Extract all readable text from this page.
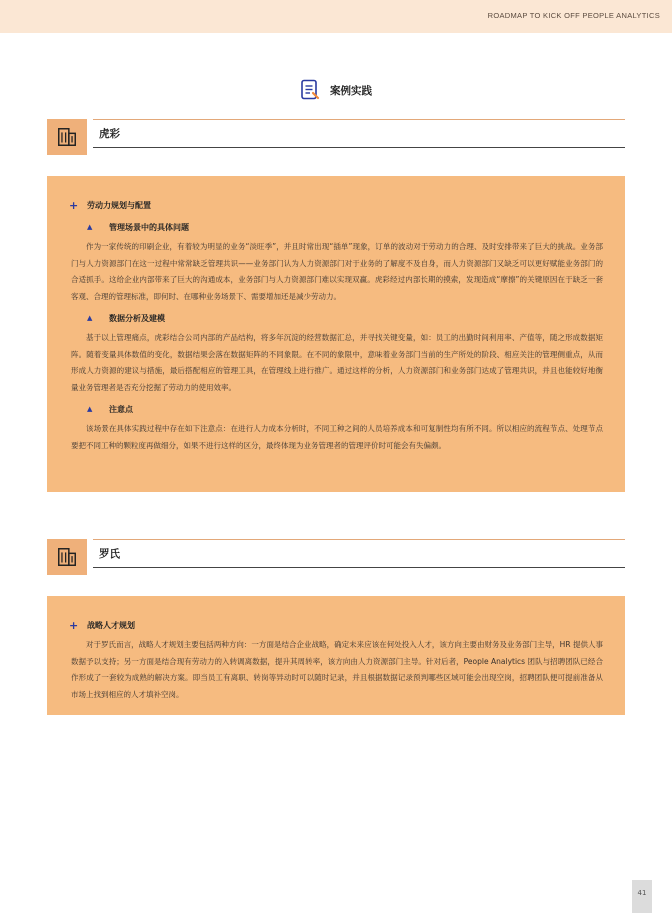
ROADMAP TO KICK OFF PEOPLE ANALYTICS
案例实践
虎彩
+	劳动力规划与配置
▲	管理场景中的具体问题

作为一家传统的印刷企业，有着较为明显的业务“淡旺季”，并且时常出现“插单”现象，订单的波动对于劳动力的合理、及时安排带来了巨大的挑战。业务部门与人力资源部门在这一过程中常常缺乏管理共识——业务部门认为人力资源部门对于业务的了解度不及自身，而人力资源部门又缺乏可以更好赋能业务部门的合适抓手。这给企业内部带来了巨大的沟通成本，业务部门与人力资源部门难以实现双赢。虎彩经过内部长期的摸索，发现造成“摩擦”的关键原因在于缺乏一套客观、合理的管理标准，即何时、在哪种业务场景下、需要增加还是减少劳动力。

▲	数据分析及建模

基于以上管理痛点，虎彩结合公司内部的产品结构，将多年沉淀的经营数据汇总，并寻找关键变量，如：员工的出勤时间利用率、产值等，随之形成数据矩阵。随着变量具体数值的变化，数据结果会落在数据矩阵的不同象限。在不同的象限中，意味着业务部门当前的生产所处的阶段、相应关注的管理侧重点，从而形成人力资源的建议与措施，最后搭配相应的管理工具，在管理线上进行推广。通过这样的分析，人力资源部门和业务部门达成了管理共识，并且也能较好地衡量业务管理者是否充分挖掘了劳动力的使用效率。

▲	注意点

该场景在具体实践过程中存在如下注意点：在进行人力成本分析时，不同工种之间的人员培养成本和可复制性均有所不同。所以相应的流程节点、处理节点要把不同工种的颗粒度再做细分，如果不进行这样的区分，最终体现为业务管理者的管理评价时可能会有失偏颇。

罗氏
+	战略人才规划

对于罗氏而言，战略人才规划主要包括两种方向：一方面是结合企业战略，确定未来应该在何处投入人才，该方向主要由财务及业务部门主导，HR 提供人事数据予以支持；另一方面是结合现有劳动力的入转调离数据，提升其周转率，该方向由人力资源部门主导。针对后者，People Analytics 团队与招聘团队已经合作形成了一套较为成熟的解决方案。即当员工有离职、转岗等异动时可以随时记录，并且根据数据记录预判哪些区域可能会出现空岗，招聘团队便可提前准备从市场上找到相应的人才填补空岗。

41
